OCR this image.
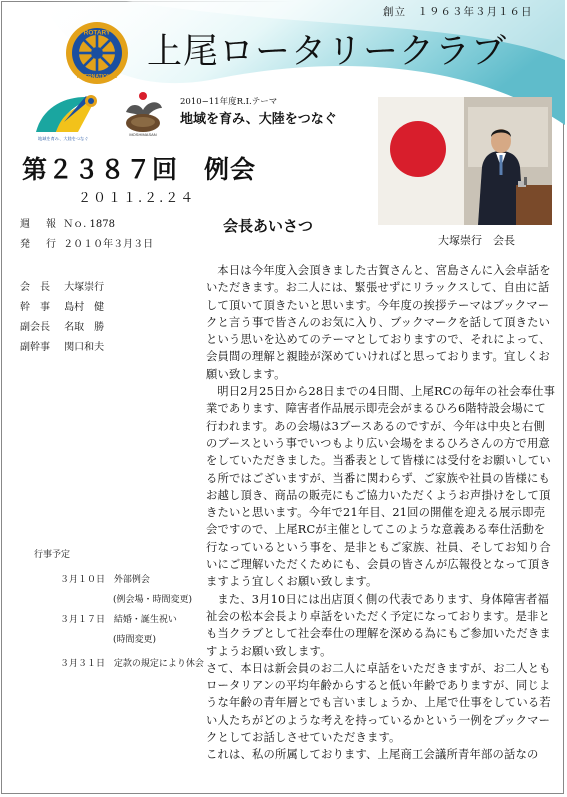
創立　１９６３年３月１６日
ROTARY
INTERNATIONAL
上尾ロータリークラブ
地域を育み、大陸をつなぐ
MOSHIMASAN
2010−11年度R.I.テーマ
地域を育み、大陸をつなぐ
第２３８７回　例会
２０１１.２.２４
会長あいさつ
大塚崇行　会長
週　報 Ｎｏ. 1878
発　行 ２０１０年３月３日
会　長 大塚崇行
幹　事 島村　健
副会長 名取　勝
副幹事 関口和夫
行事予定
３月１０日 外部例会
(例会場・時間変更)
３月１７日 結婚・誕生祝い
(時間変更)
３月３１日 定款の規定により休会

本日は今年度入会頂きました古賀さんと、宮島さんに入会卓話をいただきます。お二人には、緊張せずにリラックスして、自由に話して頂いて頂きたいと思います。今年度の挨拶テーマはブックマークと言う事で皆さんのお気に入り、ブックマークを話して頂きたいという思いを込めてのテーマとしておりますので、それによって、会員間の理解と親睦が深めていければと思っております。宜しくお願い致します。

明日2月25日から28日までの4日間、上尾RCの毎年の社会奉仕事業であります、障害者作品展示即売会がまるひろ6階特設会場にて行われます。あの会場は3ブースあるのですが、今年は中央と右側のブースという事でいつもより広い会場をまるひろさんの方で用意をしていただきました。当番表として皆様には受付をお願いしている所ではございますが、当番に関わらず、ご家族や社員の皆様にもお越し頂き、商品の販売にもご協力いただくようお声掛けをして頂きたいと思います。今年で21年目、21回の開催を迎える展示即売会ですので、上尾RCが主催としてこのような意義ある奉仕活動を行なっているという事を、是非ともご家族、社員、そしてお知り合いにご理解いただくためにも、会員の皆さんが広報役となって頂きますよう宜しくお願い致します。

また、3月10日には出店頂く側の代表であります、身体障害者福祉会の松本会長より卓話をいただく予定になっております。是非とも当クラブとして社会奉仕の理解を深める為にもご参加いただきますようお願い致します。

さて、本日は新会員のお二人に卓話をいただきますが、お二人ともロータリアンの平均年齢からすると低い年齢でありますが、同じような年齢の青年層とでも言いましょうか、上尾で仕事をしている若い人たちがどのような考えを持っているかという一例をブックマークとしてお話しさせていただきます。

これは、私の所属しております、上尾商工会議所青年部の話なの
